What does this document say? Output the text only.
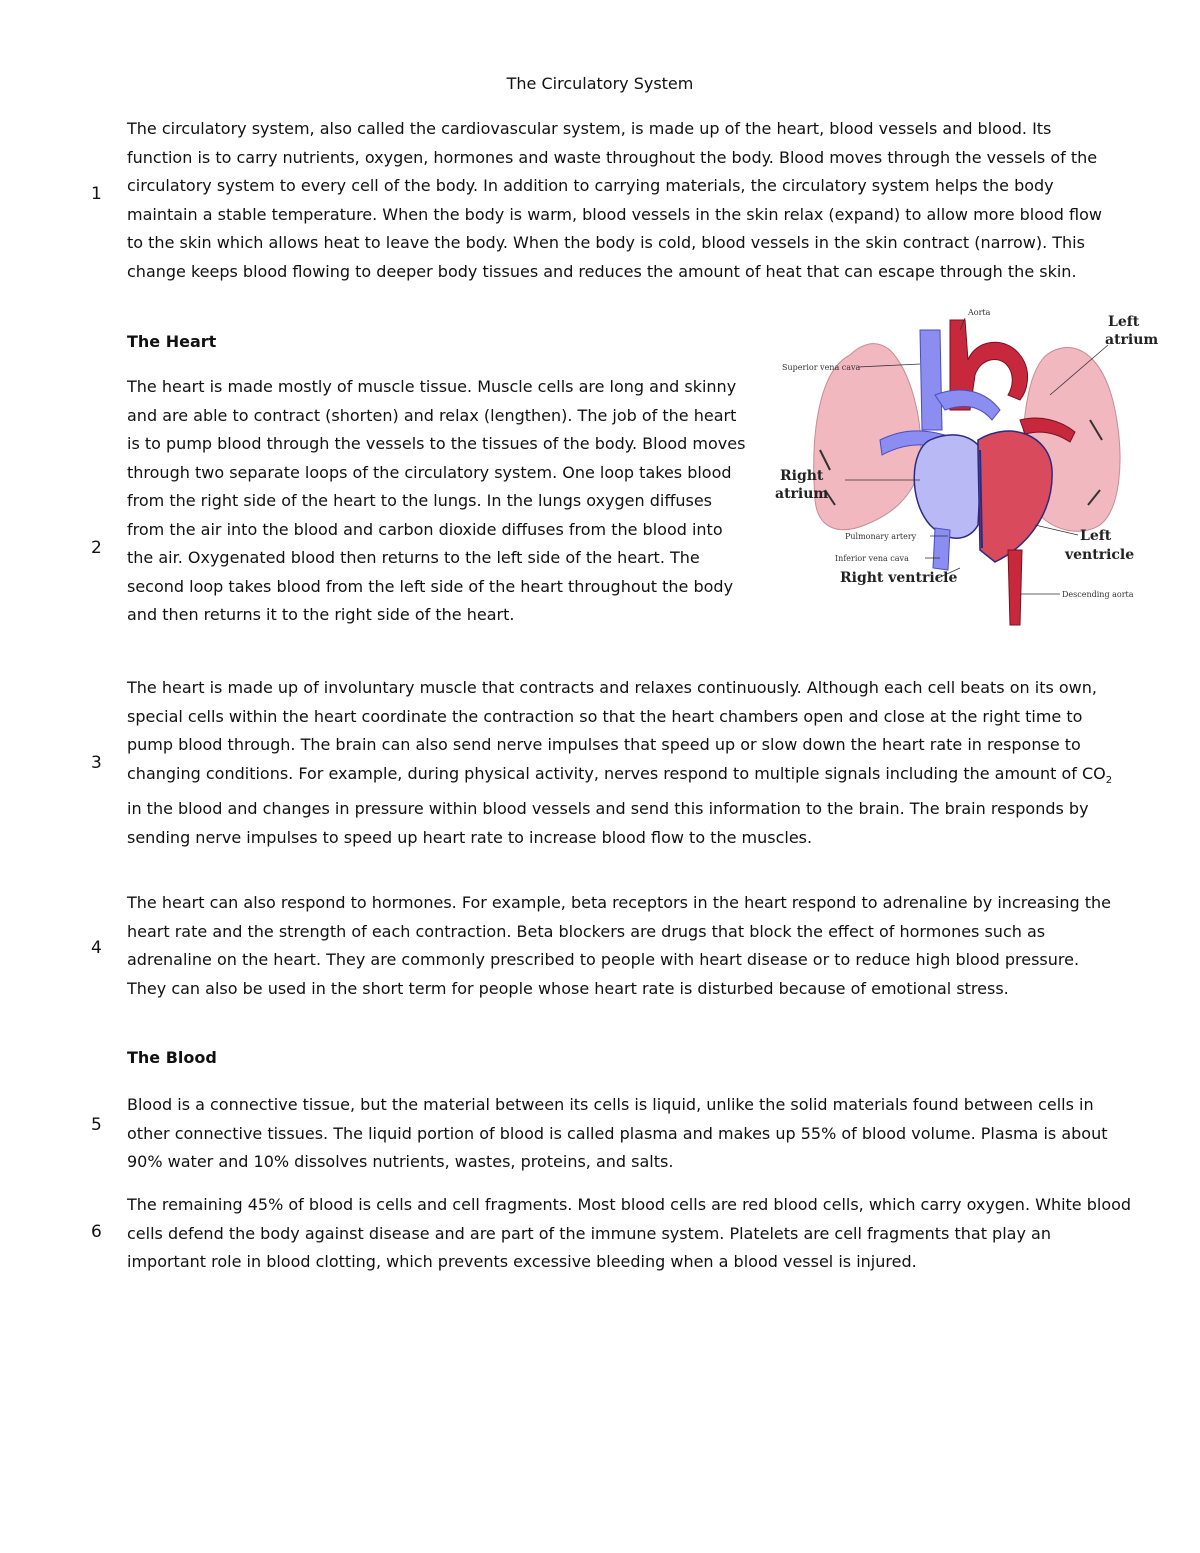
The Circulatory System
1

The circulatory system, also called the cardiovascular system, is made up of the heart, blood vessels and blood. Its function is to carry nutrients, oxygen, hormones and waste throughout the body. Blood moves through the vessels of the circulatory system to every cell of the body. In addition to carrying materials, the circulatory system helps the body maintain a stable temperature. When the body is warm, blood vessels in the skin relax (expand) to allow more blood flow to the skin which allows heat to leave the body. When the body is cold, blood vessels in the skin contract (narrow). This change keeps blood flowing to deeper body tissues and reduces the amount of heat that can escape through the skin.

The Heart
2

The heart is made mostly of muscle tissue. Muscle cells are long and skinny and are able to contract (shorten) and relax (lengthen). The job of the heart is to pump blood through the vessels to the tissues of the body. Blood moves through two separate loops of the circulatory system. One loop takes blood from the right side of the heart to the lungs. In the lungs oxygen diffuses from the air into the blood and carbon dioxide diffuses from the blood into the air. Oxygenated blood then returns to the left side of the heart. The second loop takes blood from the left side of the heart throughout the body and then returns it to the right side of the heart.

Aorta
Superior vena cava
Left
atrium
Right
atrium
Pulmonary artery
Inferior vena cava
Right ventricle
Left
ventricle
Descending aorta
3

The heart is made up of involuntary muscle that contracts and relaxes continuously. Although each cell beats on its own, special cells within the heart coordinate the contraction so that the heart chambers open and close at the right time to pump blood through. The brain can also send nerve impulses that speed up or slow down the heart rate in response to changing conditions. For example, during physical activity, nerves respond to multiple signals including the amount of $CO_2$ in the blood and changes in pressure within blood vessels and send this information to the brain. The brain responds by sending nerve impulses to speed up heart rate to increase blood flow to the muscles.

4

The heart can also respond to hormones. For example, beta receptors in the heart respond to adrenaline by increasing the heart rate and the strength of each contraction. Beta blockers are drugs that block the effect of hormones such as adrenaline on the heart. They are commonly prescribed to people with heart disease or to reduce high blood pressure. They can also be used in the short term for people whose heart rate is disturbed because of emotional stress.

The Blood
5

Blood is a connective tissue, but the material between its cells is liquid, unlike the solid materials found between cells in other connective tissues. The liquid portion of blood is called plasma and makes up 55% of blood volume. Plasma is about 90% water and 10% dissolves nutrients, wastes, proteins, and salts.

6

The remaining 45% of blood is cells and cell fragments. Most blood cells are red blood cells, which carry oxygen. White blood cells defend the body against disease and are part of the immune system. Platelets are cell fragments that play an important role in blood clotting, which prevents excessive bleeding when a blood vessel is injured.
